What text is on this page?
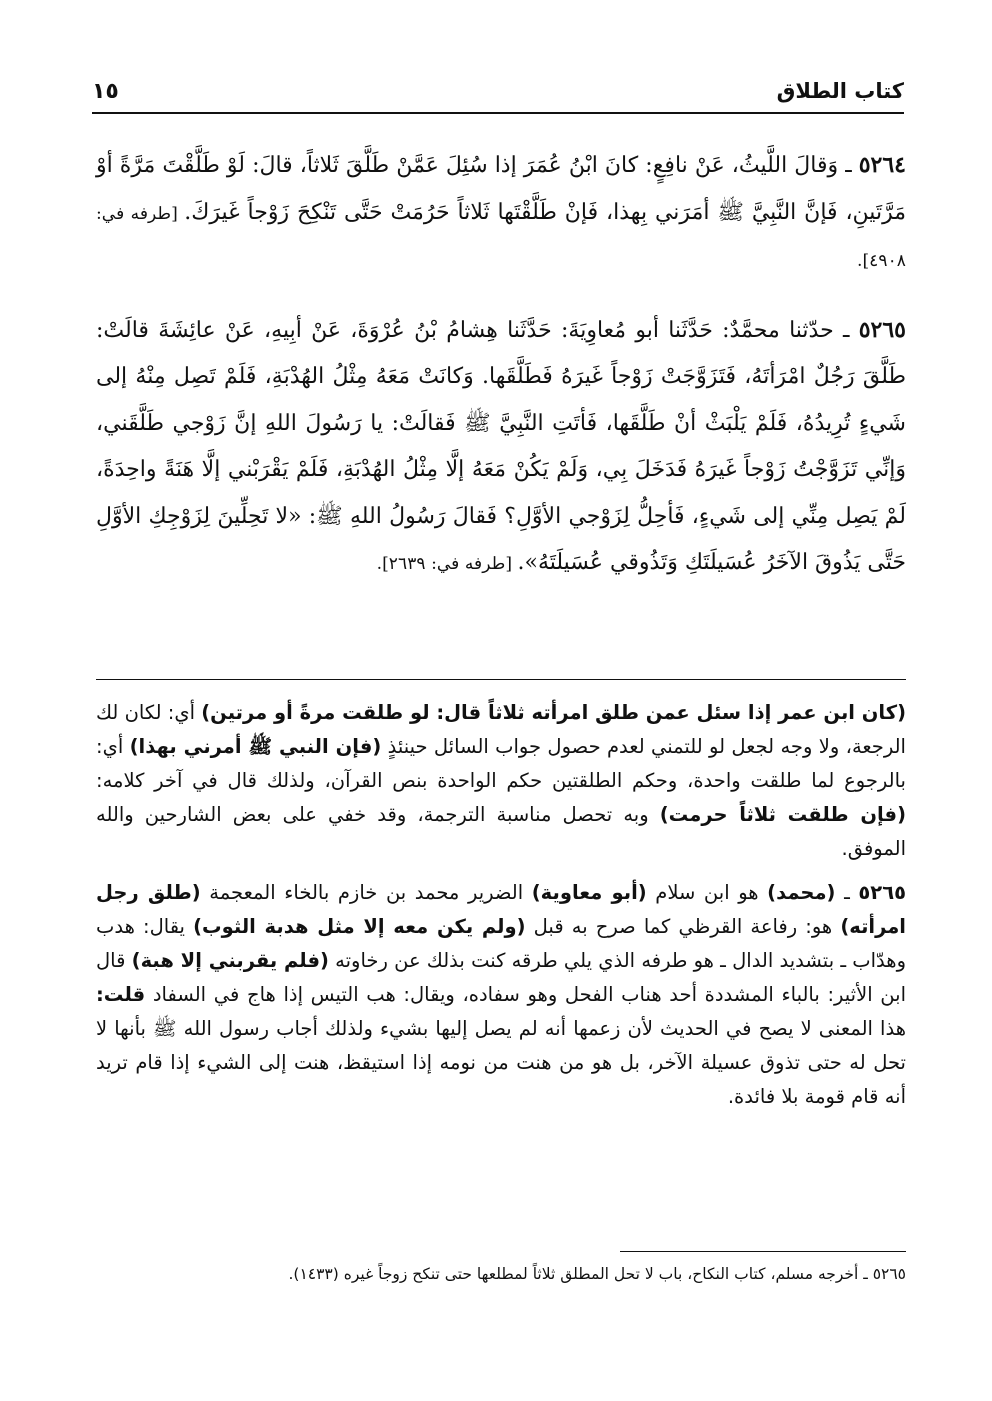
كتاب الطلاق
١٥

٥٢٦٤ ـ وَقالَ اللَّيثُ، عَنْ نافِعٍ: كانَ ابْنُ عُمَرَ إذا سُئِلَ عَمَّنْ طَلَّقَ ثَلاثاً، قالَ: لَوْ طَلَّقْتَ مَرَّةً أوْ مَرَّتَينِ، فَإنَّ النَّبِيَّ ﷺ أمَرَني بِهذا، فَإنْ طَلَّقْتَها ثَلاثاً حَرُمَتْ حَتَّى تَنْكِحَ زَوْجاً غَيرَكَ. [طرفه في: ٤٩٠٨].

٥٢٦٥ ـ حدّثنا محمَّدٌ: حَدَّثَنا أبو مُعاوِيَةَ: حَدَّثَنا هِشامُ بْنُ عُرْوَةَ، عَنْ أبِيهِ، عَنْ عائِشَةَ قالَتْ: طَلَّقَ رَجُلٌ امْرَأتَهُ، فَتَزَوَّجَتْ زَوْجاً غَيرَهُ فَطَلَّقَها. وَكانَتْ مَعَهُ مِثْلُ الهُدْبَةِ، فَلَمْ تَصِل مِنْهُ إلى شَيءٍ تُرِيدُهُ، فَلَمْ يَلْبَثْ أنْ طَلَّقَها، فَأتَتِ النَّبِيَّ ﷺ فَقالَتْ: يا رَسُولَ اللهِ إنَّ زَوْجي طَلَّقَني، وَإنِّي تَزَوَّجْتُ زَوْجاً غَيرَهُ فَدَخَلَ بِي، وَلَمْ يَكُنْ مَعَهُ إلَّا مِثْلُ الهُدْبَةِ، فَلَمْ يَقْرَبْني إلَّا هَنَةً واحِدَةً، لَمْ يَصِل مِنِّي إلى شَيءٍ، فَأحِلُّ لِزَوْجي الأوَّلِ؟ فَقالَ رَسُولُ اللهِ ﷺ: «لا تَحِلِّينَ لِزَوْجِكِ الأوَّلِ حَتَّى يَذُوقَ الآخَرُ عُسَيلَتَكِ وَتَذُوقي عُسَيلَتَهُ». [طرفه في: ٢٦٣٩].

(كان ابن عمر إذا سئل عمن طلق امرأته ثلاثاً قال: لو طلقت مرةً أو مرتين) أي: لكان لك الرجعة، ولا وجه لجعل لو للتمني لعدم حصول جواب السائل حينئذٍ (فإن النبي ﷺ أمرني بهذا) أي: بالرجوع لما طلقت واحدة، وحكم الطلقتين حكم الواحدة بنص القرآن، ولذلك قال في آخر كلامه: (فإن طلقت ثلاثاً حرمت) وبه تحصل مناسبة الترجمة، وقد خفي على بعض الشارحين والله الموفق.

٥٢٦٥ ـ (محمد) هو ابن سلام (أبو معاوية) الضرير محمد بن خازم بالخاء المعجمة (طلق رجل امرأته) هو: رفاعة القرظي كما صرح به قبل (ولم يكن معه إلا مثل هدبة الثوب) يقال: هدب وهدّاب ـ بتشديد الدال ـ هو طرفه الذي يلي طرقه كنت بذلك عن رخاوته (فلم يقربني إلا هبة) قال ابن الأثير: بالباء المشددة أحد هناب الفحل وهو سفاده، ويقال: هب التيس إذا هاج في السفاد قلت: هذا المعنى لا يصح في الحديث لأن زعمها أنه لم يصل إليها بشيء ولذلك أجاب رسول الله ﷺ بأنها لا تحل له حتى تذوق عسيلة الآخر، بل هو من هنت من نومه إذا استيقظ، هنت إلى الشيء إذا قام تريد أنه قام قومة بلا فائدة.

٥٢٦٥ ـ أخرجه مسلم، كتاب النكاح، باب لا تحل المطلق ثلاثاً لمطلعها حتى تنكح زوجاً غيره (١٤٣٣).
